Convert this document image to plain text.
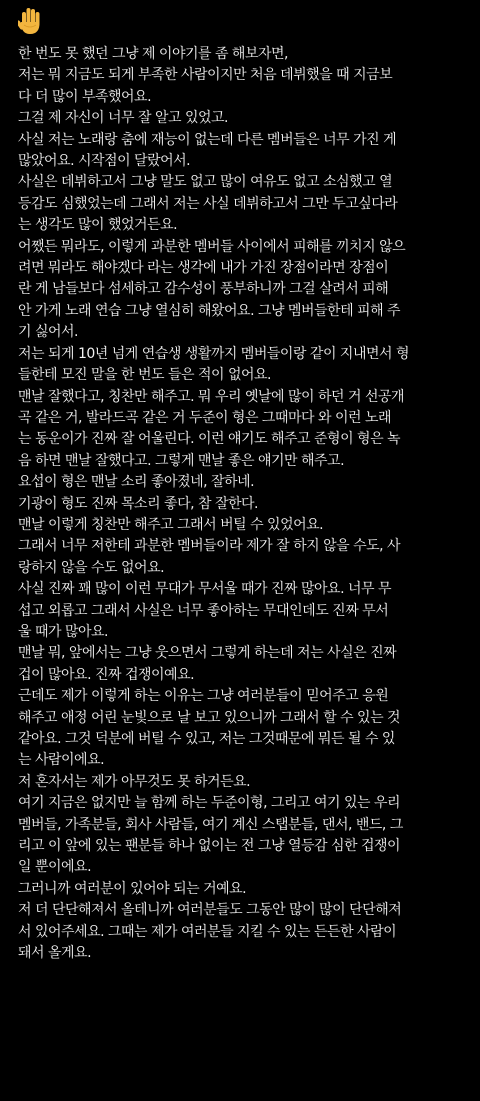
한 번도 못 했던 그냥 제 이야기를 좀 해보자면,
저는 뭐 지금도 되게 부족한 사람이지만 처음 데뷔했을 때 지금보
다 더 많이 부족했어요.
그걸 제 자신이 너무 잘 알고 있었고.
사실 저는 노래랑 춤에 재능이 없는데 다른 멤버들은 너무 가진 게
많았어요. 시작점이 달랐어서.
사실은 데뷔하고서 그냥 말도 없고 많이 여유도 없고 소심했고 열
등감도 심했었는데 그래서 저는 사실 데뷔하고서 그만 두고싶다라
는 생각도 많이 했었거든요.
어쨌든 뭐라도, 이렇게 과분한 멤버들 사이에서 피해를 끼치지 않으
려면 뭐라도 해야겠다 라는 생각에 내가 가진 장점이라면 장점이
란 게 남들보다 섬세하고 감수성이 풍부하니까 그걸 살려서 피해
안 가게 노래 연습 그냥 열심히 해왔어요. 그냥 멤버들한테 피해 주
기 싫어서.
저는 되게 10년 넘게 연습생 생활까지 멤버들이랑 같이 지내면서 형
들한테 모진 말을 한 번도 들은 적이 없어요.
맨날 잘했다고, 칭찬만 해주고. 뭐 우리 옛날에 많이 하던 거 선공개
곡 같은 거, 발라드곡 같은 거 두준이 형은 그때마다 와 이런 노래
는 동운이가 진짜 잘 어울린다. 이런 얘기도 해주고 준형이 형은 녹
음 하면 맨날 잘했다고. 그렇게 맨날 좋은 얘기만 해주고.
요섭이 형은 맨날 소리 좋아졌네, 잘하네.
기광이 형도 진짜 목소리 좋다, 참 잘한다.
맨날 이렇게 칭찬만 해주고 그래서 버틸 수 있었어요.
그래서 너무 저한테 과분한 멤버들이라 제가 잘 하지 않을 수도, 사
랑하지 않을 수도 없어요.
사실 진짜 꽤 많이 이런 무대가 무서울 때가 진짜 많아요. 너무 무
섭고 외롭고 그래서 사실은 너무 좋아하는 무대인데도 진짜 무서
울 때가 많아요.
맨날 뭐, 앞에서는 그냥 웃으면서 그렇게 하는데 저는 사실은 진짜
겁이 많아요. 진짜 겁쟁이예요.
근데도 제가 이렇게 하는 이유는 그냥 여러분들이 믿어주고 응원
해주고 애정 어린 눈빛으로 날 보고 있으니까 그래서 할 수 있는 것
같아요. 그것 덕분에 버틸 수 있고, 저는 그것때문에 뭐든 될 수 있
는 사람이에요.
저 혼자서는 제가 아무것도 못 하거든요.
여기 지금은 없지만 늘 함께 하는 두준이형, 그리고 여기 있는 우리
멤버들, 가족분들, 회사 사람들, 여기 계신 스탭분들, 댄서, 밴드, 그
리고 이 앞에 있는 팬분들 하나 없이는 전 그냥 열등감 심한 겁쟁이
일 뿐이에요.
그러니까 여러분이 있어야 되는 거예요.
저 더 단단해져서 올테니까 여러분들도 그동안 많이 많이 단단해져
서 있어주세요. 그때는 제가 여러분들 지킬 수 있는 든든한 사람이
돼서 올게요.
